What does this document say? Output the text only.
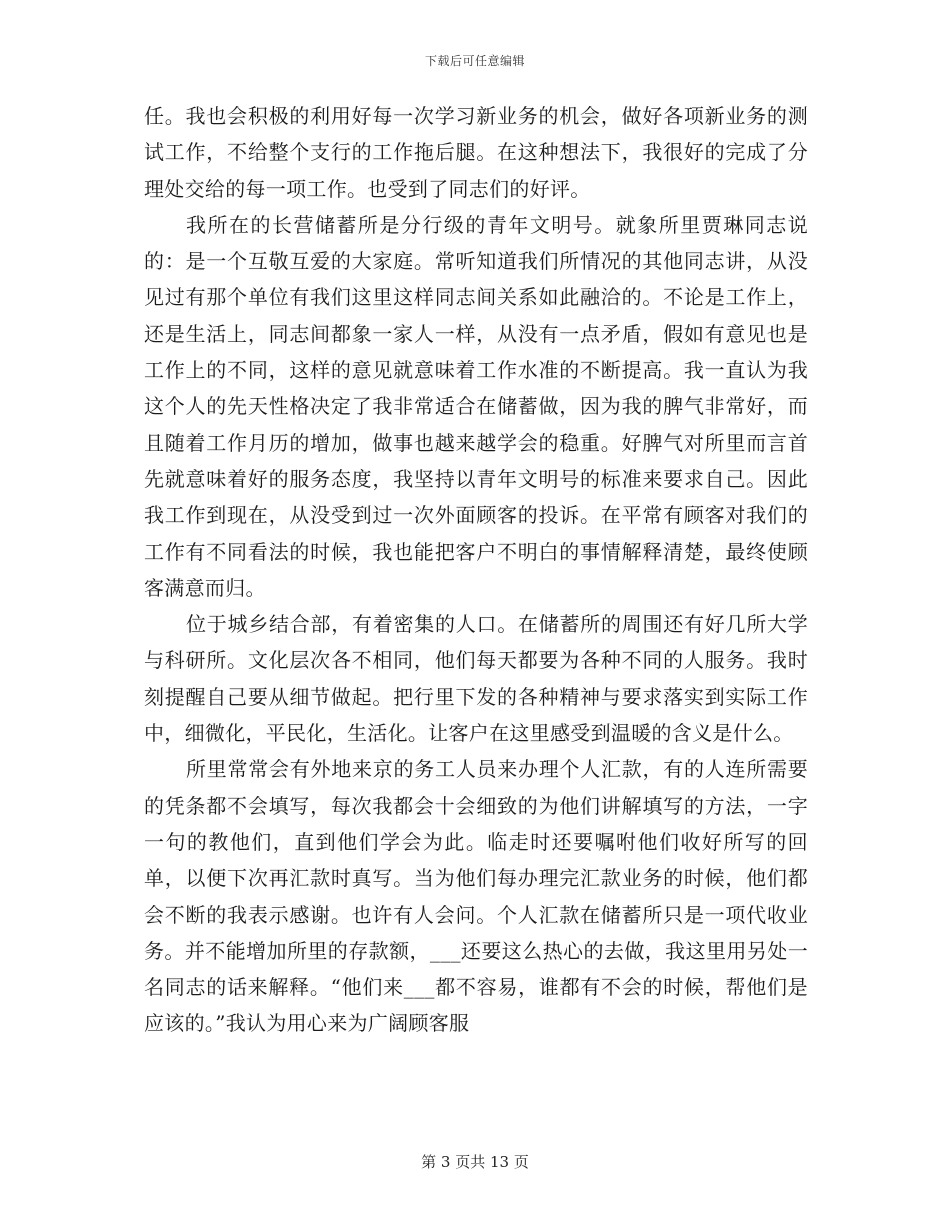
下载后可任意编辑

任。我也会积极的利用好每一次学习新业务的机会，做好各项新业务的测试工作，不给整个支行的工作拖后腿。在这种想法下，我很好的完成了分理处交给的每一项工作。也受到了同志们的好评。

我所在的长营储蓄所是分行级的青年文明号。就象所里贾琳同志说的：是一个互敬互爱的大家庭。常听知道我们所情况的其他同志讲，从没见过有那个单位有我们这里这样同志间关系如此融洽的。不论是工作上，还是生活上，同志间都象一家人一样，从没有一点矛盾，假如有意见也是工作上的不同，这样的意见就意味着工作水准的不断提高。我一直认为我这个人的先天性格决定了我非常适合在储蓄做，因为我的脾气非常好，而且随着工作月历的增加，做事也越来越学会的稳重。好脾气对所里而言首先就意味着好的服务态度，我坚持以青年文明号的标准来要求自己。因此我工作到现在，从没受到过一次外面顾客的投诉。在平常有顾客对我们的工作有不同看法的时候，我也能把客户不明白的事情解释清楚，最终使顾客满意而归。

位于城乡结合部，有着密集的人口。在储蓄所的周围还有好几所大学与科研所。文化层次各不相同，他们每天都要为各种不同的人服务。我时刻提醒自己要从细节做起。把行里下发的各种精神与要求落实到实际工作中，细微化，平民化，生活化。让客户在这里感受到温暖的含义是什么。

所里常常会有外地来京的务工人员来办理个人汇款，有的人连所需要的凭条都不会填写，每次我都会十会细致的为他们讲解填写的方法，一字一句的教他们，直到他们学会为此。临走时还要嘱咐他们收好所写的回单，以便下次再汇款时真写。当为他们每办理完汇款业务的时候，他们都会不断的我表示感谢。也许有人会问。个人汇款在储蓄所只是一项代收业务。并不能增加所里的存款额，___还要这么热心的去做，我这里用另处一名同志的话来解释。“他们来___都不容易，谁都有不会的时候，帮他们是应该的。”我认为用心来为广阔顾客服

第 3 页共 13 页
